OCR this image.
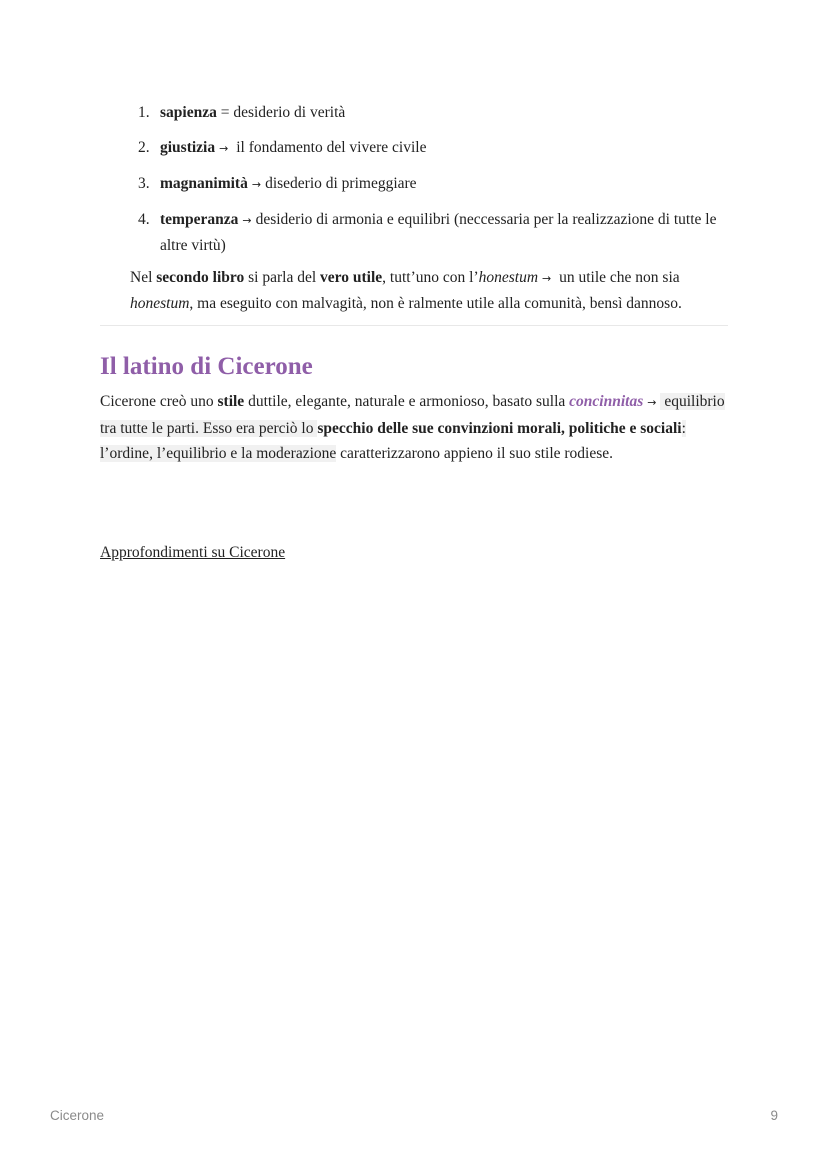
1. sapienza = desiderio di verità
2. giustizia → il fondamento del vivere civile
3. magnanimità → disederio di primeggiare
4. temperanza → desiderio di armonia e equilibri (neccessaria per la realizzazione di tutte le altre virtù)

Nel secondo libro si parla del vero utile, tutt’uno con l’honestum → un utile che non sia honestum, ma eseguito con malvagità, non è ralmente utile alla comunità, bensì dannoso.

Il latino di Cicerone

Cicerone creò uno stile duttile, elegante, naturale e armonioso, basato sulla concinnitas → equilibrio tra tutte le parti. Esso era perciò lo specchio delle sue convinzioni morali, politiche e sociali: l’ordine, l’equilibrio e la moderazione caratterizzarono appieno il suo stile rodiese.

Approfondimenti su Cicerone
Cicerone	9
